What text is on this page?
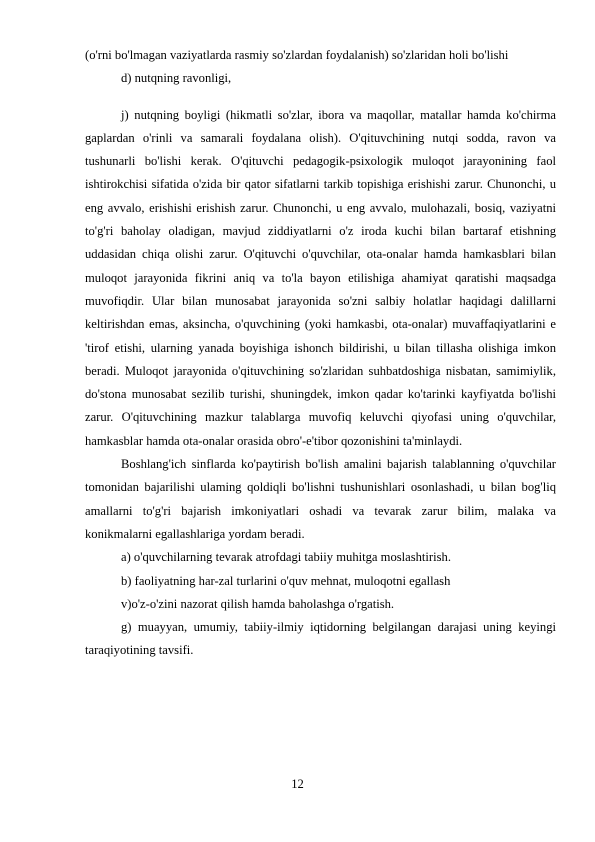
(o'rni bo'lmagan vaziyatlarda rasmiy so'zlardan foydalanish) so'zlaridan holi bo'lishi

d) nutqning ravonligi,

j) nutqning boyligi (hikmatli so'zlar, ibora va maqollar, matallar hamda ko'chirma gaplardan o'rinli va samarali foydalana olish). O'qituvchining nutqi sodda, ravon va tushunarli bo'lishi kerak. O'qituvchi pedagogik-psixologik muloqot jarayonining faol ishtirokchisi sifatida o'zida bir qator sifatlarni tarkib topishiga erishishi zarur. Chunonchi, u eng avvalo, erishishi erishish zarur. Chunonchi, u eng avvalo, mulohazali, bosiq, vaziyatni to'g'ri baholay oladigan, mavjud ziddiyatlarni o'z iroda kuchi bilan bartaraf etishning uddasidan chiqa olishi zarur. O'qituvchi o'quvchilar, ota-onalar hamda hamkasblari bilan muloqot jarayonida fikrini aniq va to'la bayon etilishiga ahamiyat qaratishi maqsadga muvofiqdir. Ular bilan munosabat jarayonida so'zni salbiy holatlar haqidagi dalillarni keltirishdan emas, aksincha, o'quvchining (yoki hamkasbi, ota-onalar) muvaffaqiyatlarini e 'tirof etishi, ularning yanada boyishiga ishonch bildirishi, u bilan tillasha olishiga imkon beradi. Muloqot jarayonida o'qituvchining so'zlaridan suhbatdoshiga nisbatan, samimiylik, do'stona munosabat sezilib turishi, shuningdek, imkon qadar ko'tarinki kayfiyatda bo'lishi zarur. O'qituvchining mazkur talablarga muvofiq keluvchi qiyofasi uning o'quvchilar, hamkasblar hamda ota-onalar orasida obro'-e'tibor qozonishini ta'minlaydi.

Boshlang'ich sinflarda ko'paytirish bo'lish amalini bajarish talablanning o'quvchilar tomonidan bajarilishi ulaming qoldiqli bo'lishni tushunishlari osonlashadi, u bilan bog'liq amallarni to'g'ri bajarish imkoniyatlari oshadi va tevarak zarur bilim, malaka va konikmalarni egallashlariga yordam beradi.

a) o'quvchilarning tevarak atrofdagi tabiiy muhitga moslashtirish.

b) faoliyatning har-zal turlarini o'quv mehnat, muloqotni egallash

v)o'z-o'zini nazorat qilish hamda baholashga o'rgatish.

g) muayyan, umumiy, tabiiy-ilmiy iqtidorning belgilangan darajasi uning keyingi taraqiyotining tavsifi.

12
